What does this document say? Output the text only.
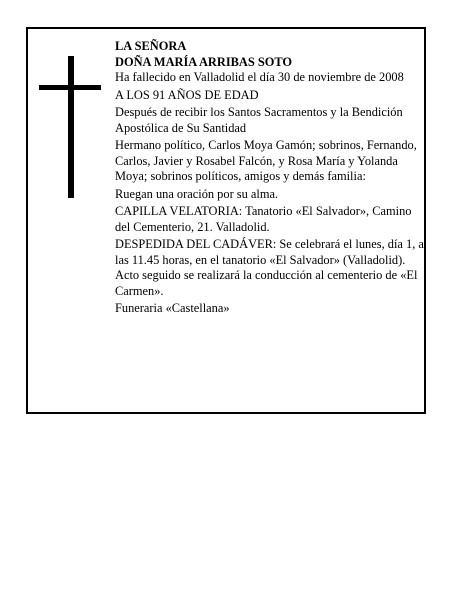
LA SEÑORA

DOÑA MARÍA ARRIBAS SOTO

Ha fallecido en Valladolid el día 30 de noviembre de 2008

A LOS 91 AÑOS DE EDAD

Después de recibir los Santos Sacramentos y la Bendición Apostólica de Su Santidad

Hermano político, Carlos Moya Gamón; sobrinos, Fernando, Carlos, Javier y Rosabel Falcón, y Rosa María y Yolanda Moya; sobrinos políticos, amigos y demás familia:

Ruegan una oración por su alma.

CAPILLA VELATORIA: Tanatorio «El Salvador», Camino del Cementerio, 21. Valladolid.

DESPEDIDA DEL CADÁVER: Se celebrará el lunes, día 1, a las 11.45 horas, en el tanatorio «El Salvador» (Valladolid). Acto seguido se realizará la conducción al cementerio de «El Carmen».

Funeraria «Castellana»
